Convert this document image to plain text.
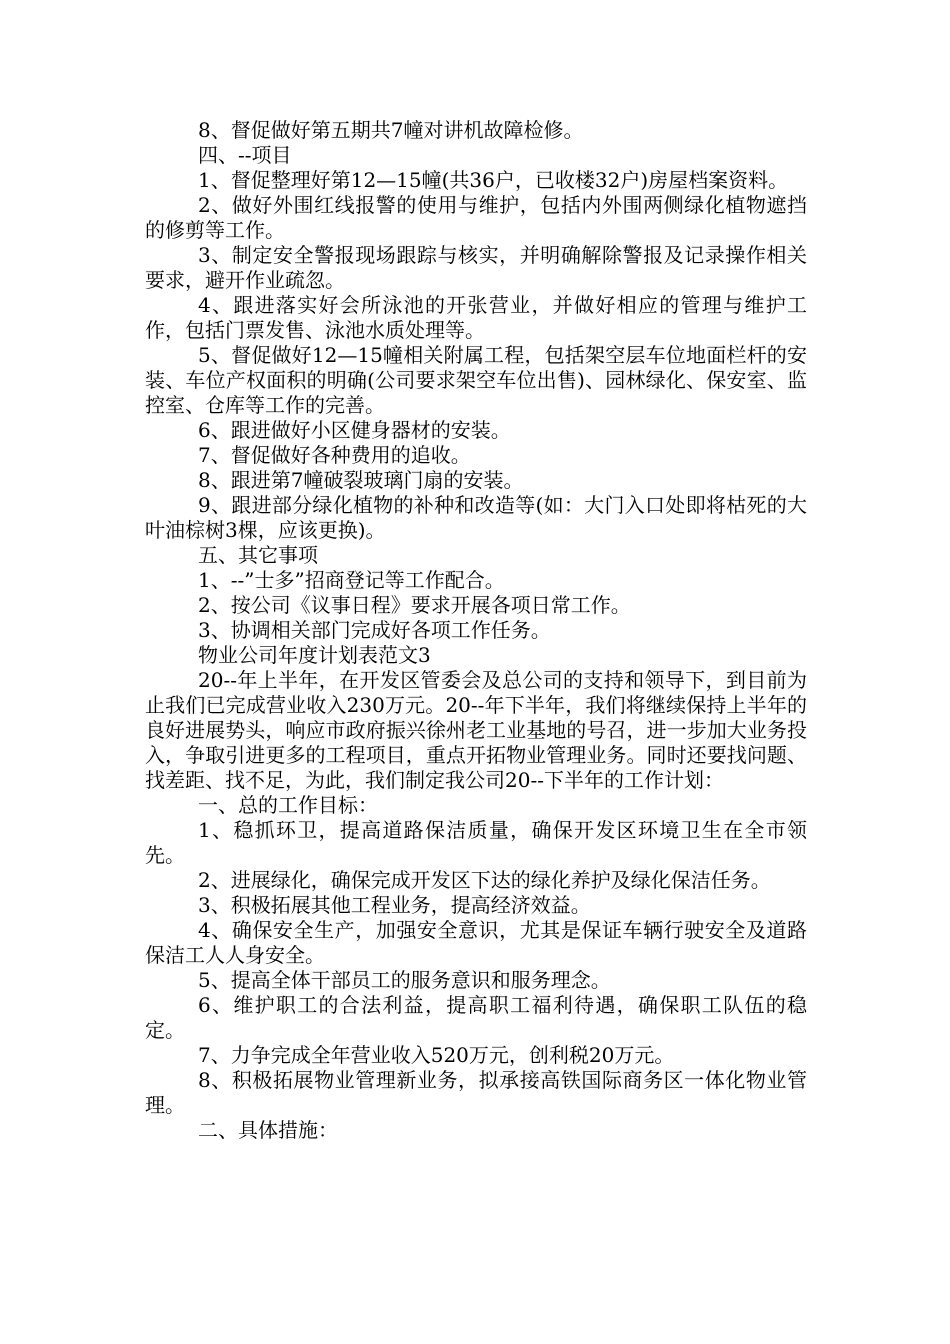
8、督促做好第五期共7幢对讲机故障检修。

四、--项目

1、督促整理好第12—15幢(共36户，已收楼32户)房屋档案资料。

2、做好外围红线报警的使用与维护，包括内外围两侧绿化植物遮挡的修剪等工作。

3、制定安全警报现场跟踪与核实，并明确解除警报及记录操作相关要求，避开作业疏忽。

4、跟进落实好会所泳池的开张营业，并做好相应的管理与维护工作，包括门票发售、泳池水质处理等。

5、督促做好12—15幢相关附属工程，包括架空层车位地面栏杆的安装、车位产权面积的明确(公司要求架空车位出售)、园林绿化、保安室、监控室、仓库等工作的完善。

6、跟进做好小区健身器材的安装。

7、督促做好各种费用的追收。

8、跟进第7幢破裂玻璃门扇的安装。

9、跟进部分绿化植物的补种和改造等(如：大门入口处即将枯死的大叶油棕树3棵，应该更换)。

五、其它事项

1、--”士多”招商登记等工作配合。

2、按公司《议事日程》要求开展各项日常工作。

3、协调相关部门完成好各项工作任务。

物业公司年度计划表范文3

20--年上半年，在开发区管委会及总公司的支持和领导下，到目前为止我们已完成营业收入230万元。20--年下半年，我们将继续保持上半年的良好进展势头，响应市政府振兴徐州老工业基地的号召，进一步加大业务投入，争取引进更多的工程项目，重点开拓物业管理业务。同时还要找问题、找差距、找不足，为此，我们制定我公司20--下半年的工作计划：

一、总的工作目标：

1、稳抓环卫，提高道路保洁质量，确保开发区环境卫生在全市领先。

2、进展绿化，确保完成开发区下达的绿化养护及绿化保洁任务。

3、积极拓展其他工程业务，提高经济效益。

4、确保安全生产，加强安全意识，尤其是保证车辆行驶安全及道路保洁工人人身安全。

5、提高全体干部员工的服务意识和服务理念。

6、维护职工的合法利益，提高职工福利待遇，确保职工队伍的稳定。

7、力争完成全年营业收入520万元，创利税20万元。

8、积极拓展物业管理新业务，拟承接高铁国际商务区一体化物业管理。

二、具体措施：
